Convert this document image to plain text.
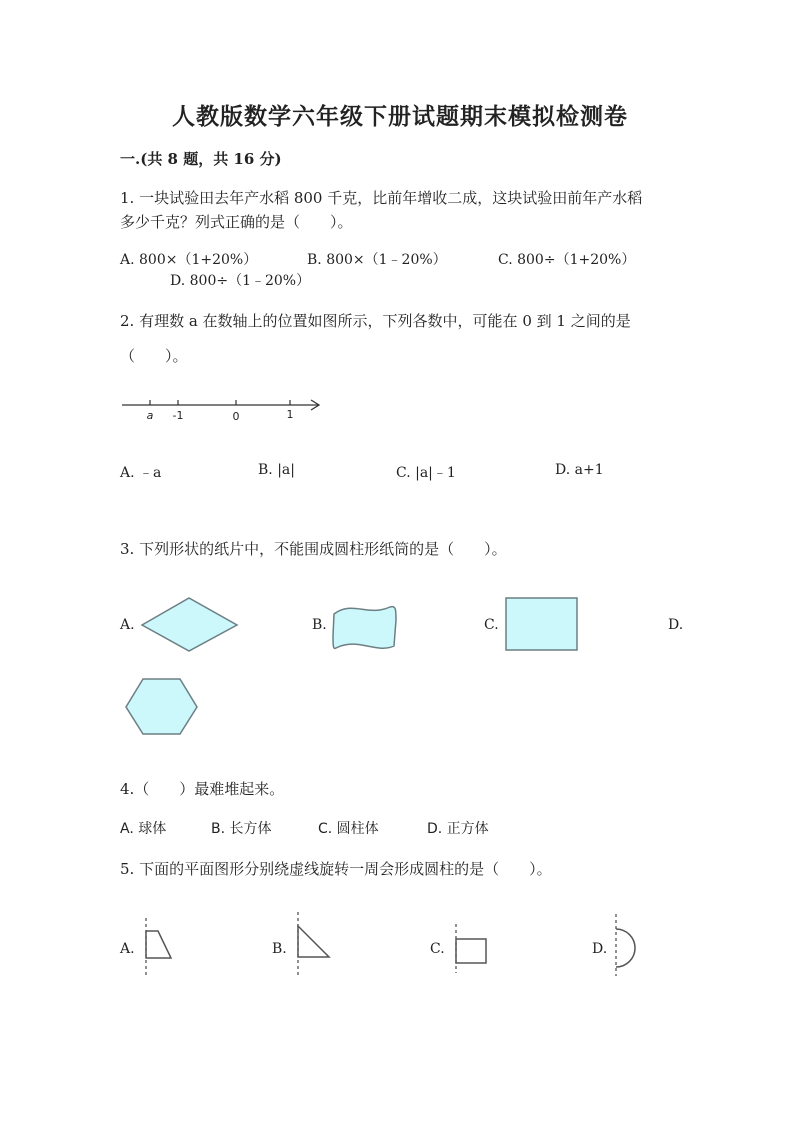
人教版数学六年级下册试题期末模拟检测卷
一.(共 8 题，共 16 分)
1. 一块试验田去年产水稻 800 千克，比前年增收二成，这块试验田前年产水稻
多少千克？列式正确的是（　　）。
A. 800×（1+20%）	B. 800×（1﹣20%）	C. 800÷（1+20%）
D. 800÷（1﹣20%）
2. 有理数 a 在数轴上的位置如图所示，下列各数中，可能在 0 到 1 之间的是
（　　）。
a -1	0	1
A. ﹣a	B. |a|	C. |a|﹣1	D. a+1
3. 下列形状的纸片中，不能围成圆柱形纸筒的是（　　）。
A.	B.	C.	D.
4.（　　）最难堆起来。
A. 球体	B. 长方体	C. 圆柱体	D. 正方体
5. 下面的平面图形分别绕虚线旋转一周会形成圆柱的是（　　）。
A.	B.	C.	D.
